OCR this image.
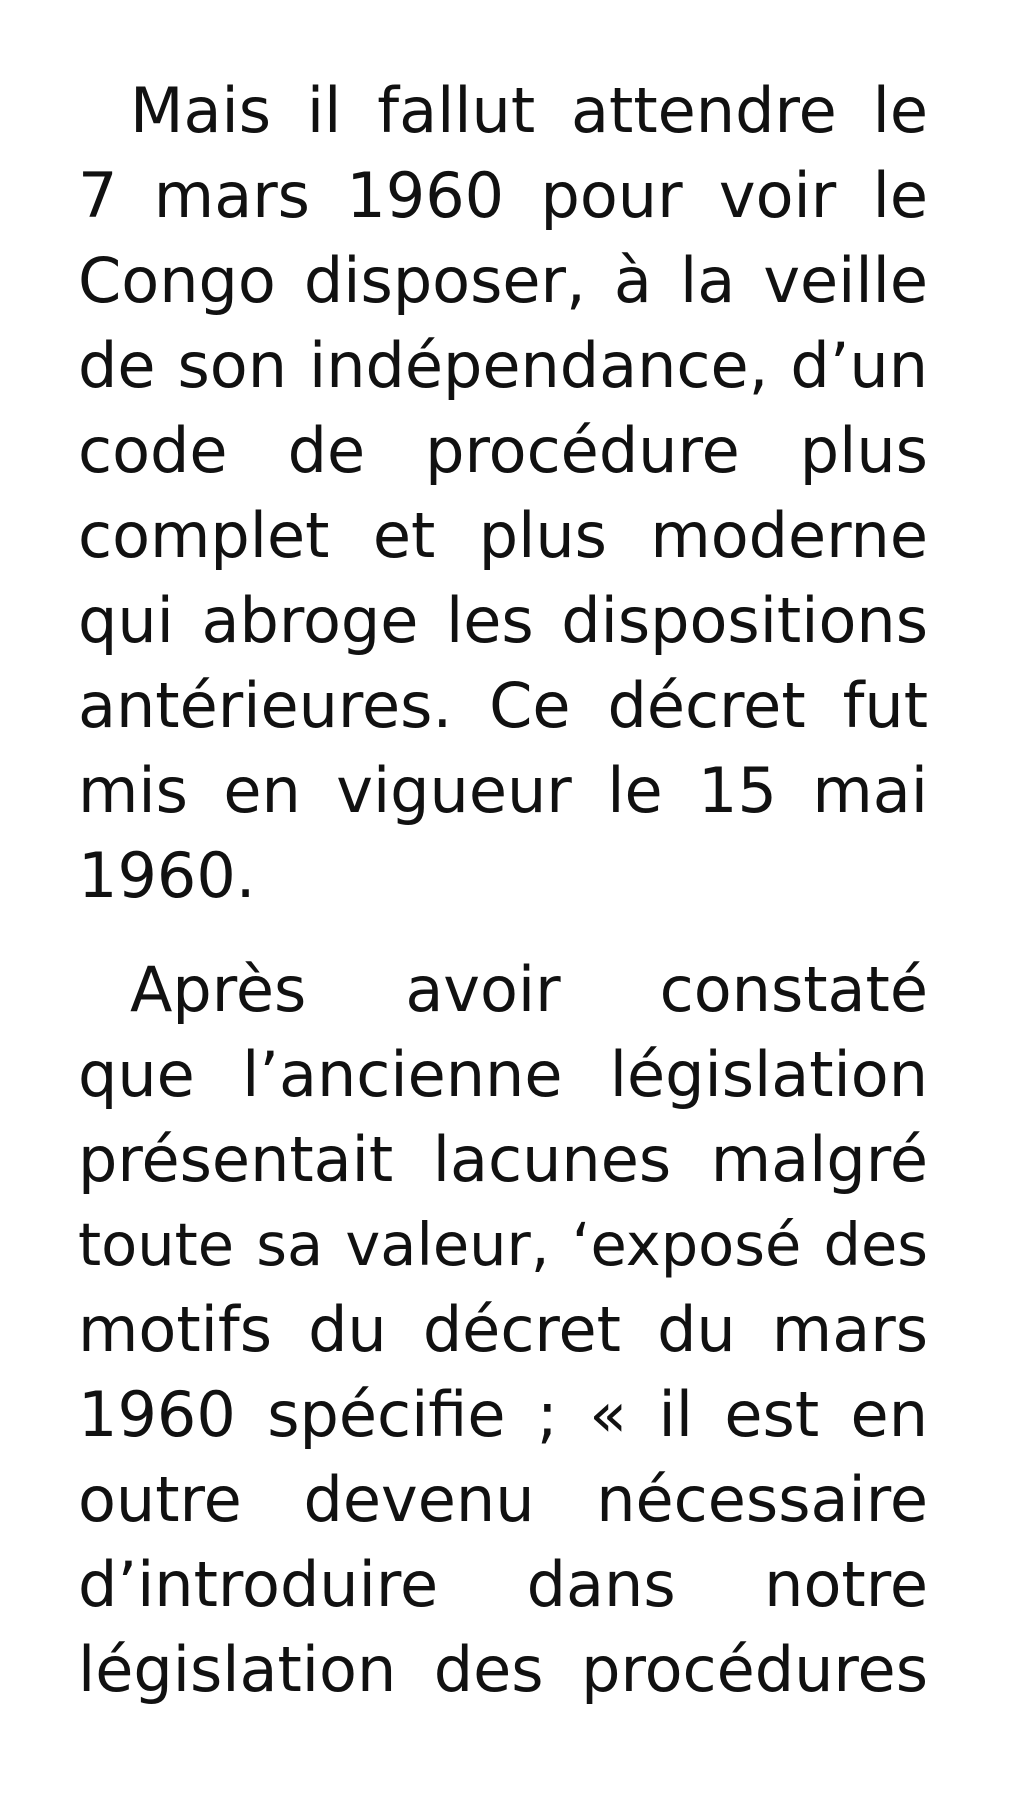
Mais il fallut attendre le
7 mars 1960 pour voir le
Congo disposer, à la veille
de son indépendance, d’un
code de procédure plus
complet et plus moderne
qui abroge les dispositions
antérieures. Ce décret fut
mis en vigueur le 15 mai
1960.
Après avoir constaté
que l’ancienne législation
présentait lacunes malgré
toute sa valeur, ‘exposé des
motifs du décret du mars
1960 spécifie ; « il est en
outre devenu nécessaire
d’introduire dans notre
législation des procédures
